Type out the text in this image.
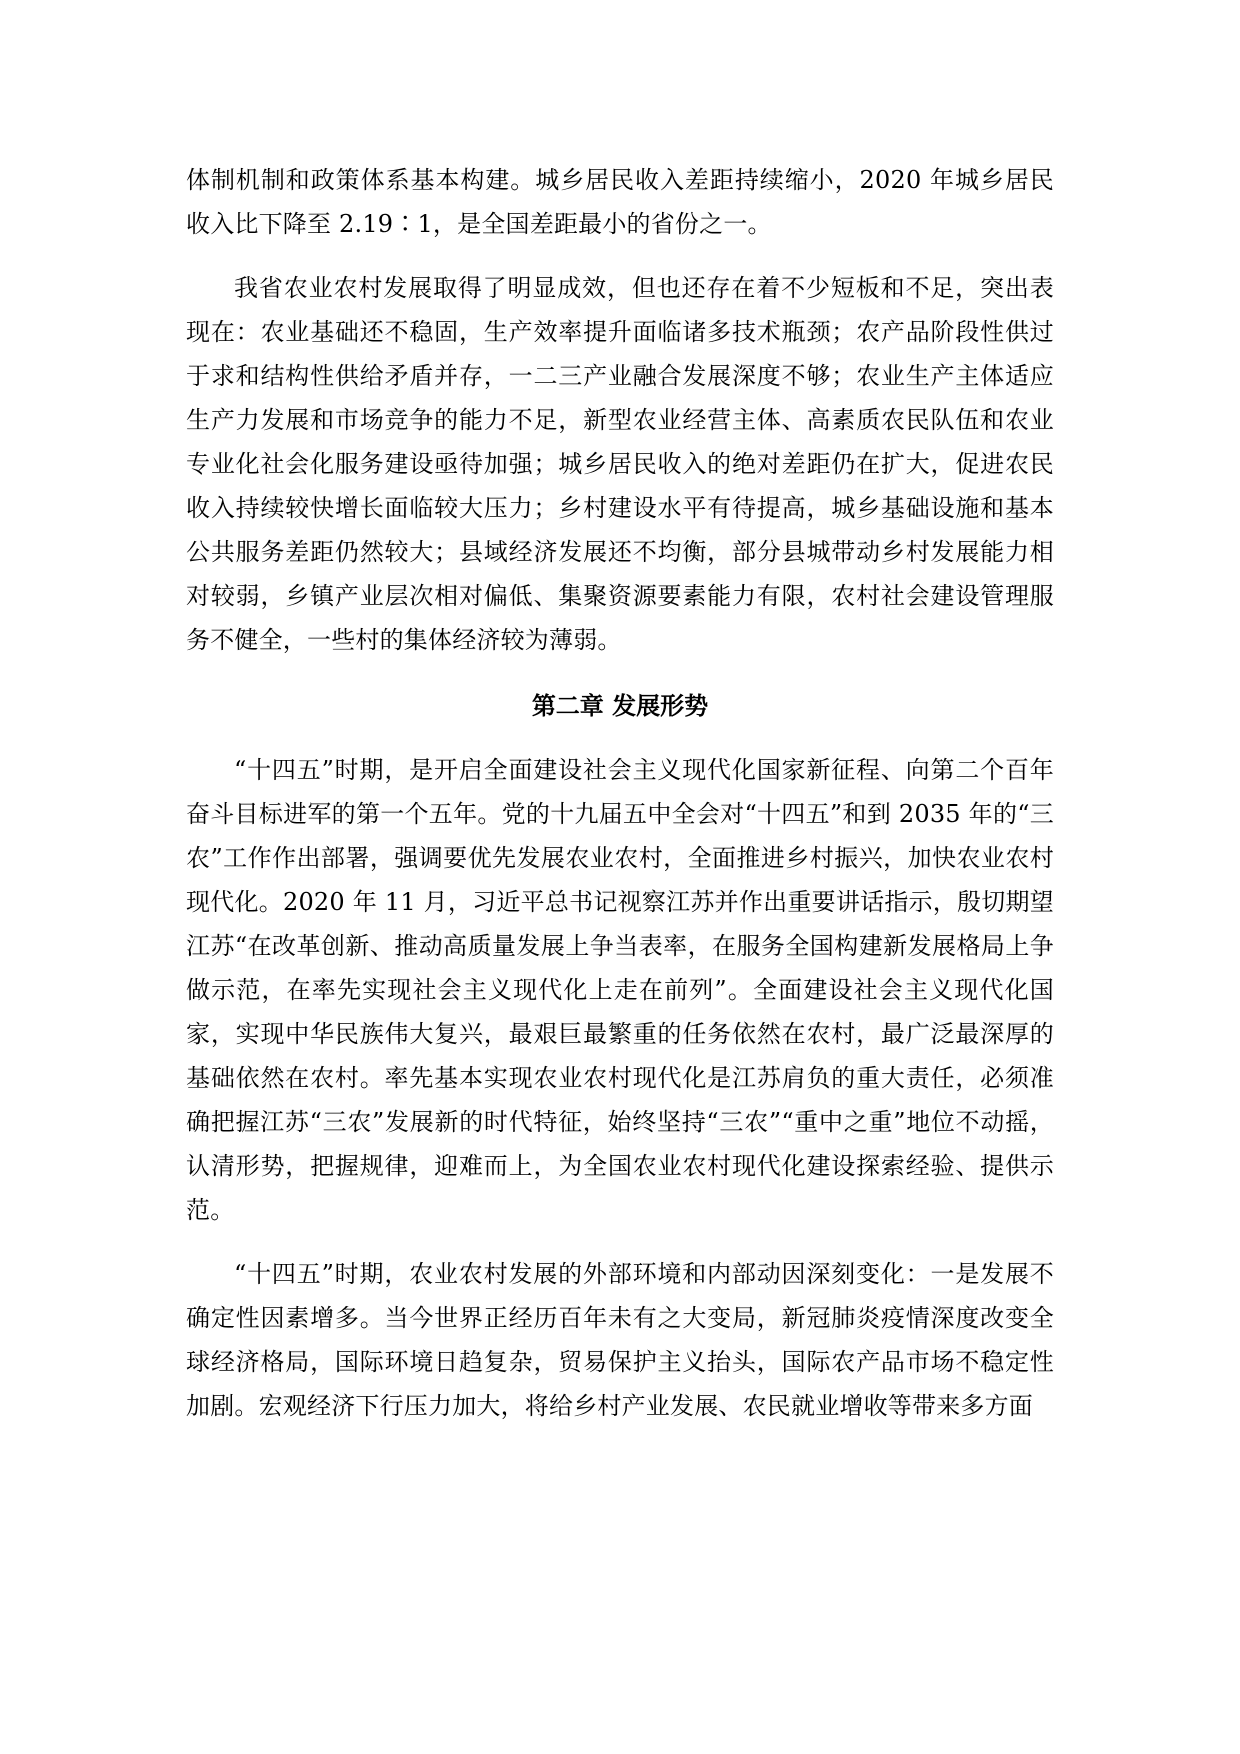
体制机制和政策体系基本构建。城乡居民收入差距持续缩小，2020 年城乡居民收入比下降至 2.19∶1，是全国差距最小的省份之一。

我省农业农村发展取得了明显成效，但也还存在着不少短板和不足，突出表现在：农业基础还不稳固，生产效率提升面临诸多技术瓶颈；农产品阶段性供过于求和结构性供给矛盾并存，一二三产业融合发展深度不够；农业生产主体适应生产力发展和市场竞争的能力不足，新型农业经营主体、高素质农民队伍和农业专业化社会化服务建设亟待加强；城乡居民收入的绝对差距仍在扩大，促进农民收入持续较快增长面临较大压力；乡村建设水平有待提高，城乡基础设施和基本公共服务差距仍然较大；县域经济发展还不均衡，部分县城带动乡村发展能力相对较弱，乡镇产业层次相对偏低、集聚资源要素能力有限，农村社会建设管理服务不健全，一些村的集体经济较为薄弱。

第二章 发展形势

“十四五”时期，是开启全面建设社会主义现代化国家新征程、向第二个百年奋斗目标进军的第一个五年。党的十九届五中全会对“十四五”和到 2035 年的“三农”工作作出部署，强调要优先发展农业农村，全面推进乡村振兴，加快农业农村现代化。2020 年 11 月，习近平总书记视察江苏并作出重要讲话指示，殷切期望江苏“在改革创新、推动高质量发展上争当表率，在服务全国构建新发展格局上争做示范，在率先实现社会主义现代化上走在前列”。全面建设社会主义现代化国家，实现中华民族伟大复兴，最艰巨最繁重的任务依然在农村，最广泛最深厚的基础依然在农村。率先基本实现农业农村现代化是江苏肩负的重大责任，必须准确把握江苏“三农”发展新的时代特征，始终坚持“三农”“重中之重”地位不动摇，认清形势，把握规律，迎难而上，为全国农业农村现代化建设探索经验、提供示范。

“十四五”时期，农业农村发展的外部环境和内部动因深刻变化：一是发展不确定性因素增多。当今世界正经历百年未有之大变局，新冠肺炎疫情深度改变全球经济格局，国际环境日趋复杂，贸易保护主义抬头，国际农产品市场不稳定性加剧。宏观经济下行压力加大，将给乡村产业发展、农民就业增收等带来多方面
